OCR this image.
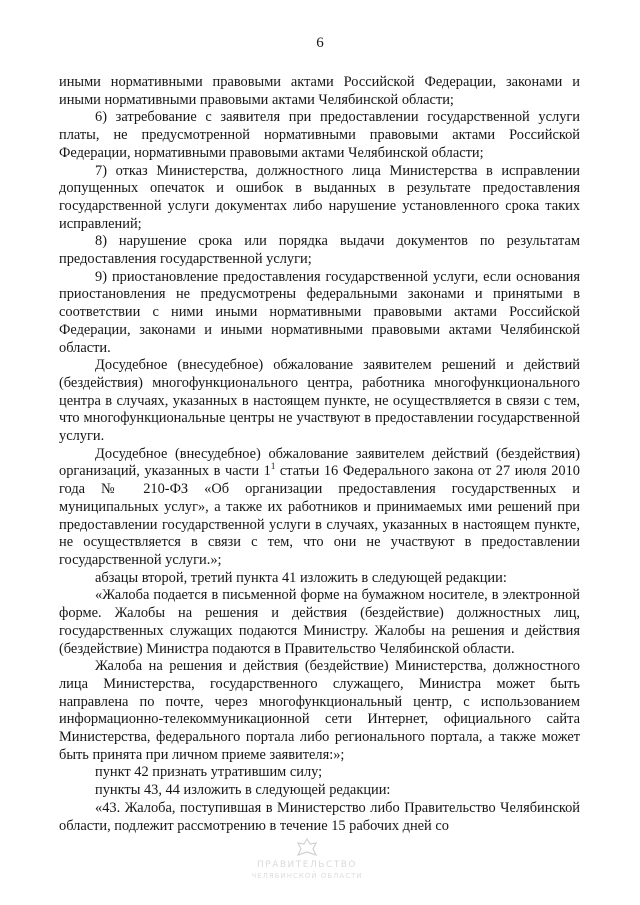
6

иными нормативными правовыми актами Российской Федерации, законами и иными нормативными правовыми актами Челябинской области;

6) затребование с заявителя при предоставлении государственной услуги платы, не предусмотренной нормативными правовыми актами Российской Федерации, нормативными правовыми актами Челябинской области;

7) отказ Министерства, должностного лица Министерства в исправлении допущенных опечаток и ошибок в выданных в результате предоставления государственной услуги документах либо нарушение установленного срока таких исправлений;

8) нарушение срока или порядка выдачи документов по результатам предоставления государственной услуги;

9) приостановление предоставления государственной услуги, если основания приостановления не предусмотрены федеральными законами и принятыми в соответствии с ними иными нормативными правовыми актами Российской Федерации, законами и иными нормативными правовыми актами Челябинской области.

Досудебное (внесудебное) обжалование заявителем решений и действий (бездействия) многофункционального центра, работника многофункционального центра в случаях, указанных в настоящем пункте, не осуществляется в связи с тем, что многофункциональные центры не участвуют в предоставлении государственной услуги.

Досудебное (внесудебное) обжалование заявителем действий (бездействия) организаций, указанных в части $1^1$ статьи 16 Федерального закона от 27 июля 2010 года № 210-ФЗ «Об организации предоставления государственных и муниципальных услуг», а также их работников и принимаемых ими решений при предоставлении государственной услуги в случаях, указанных в настоящем пункте, не осуществляется в связи с тем, что они не участвуют в предоставлении государственной услуги.»;

абзацы второй, третий пункта 41 изложить в следующей редакции:

«Жалоба подается в письменной форме на бумажном носителе, в электронной форме. Жалобы на решения и действия (бездействие) должностных лиц, государственных служащих подаются Министру. Жалобы на решения и действия (бездействие) Министра подаются в Правительство Челябинской области.

Жалоба на решения и действия (бездействие) Министерства, должностного лица Министерства, государственного служащего, Министра может быть направлена по почте, через многофункциональный центр, с использованием информационно-телекоммуникационной сети Интернет, официального сайта Министерства, федерального портала либо регионального портала, а также может быть принята при личном приеме заявителя:»;

пункт 42 признать утратившим силу;

пункты 43, 44 изложить в следующей редакции:

«43. Жалоба, поступившая в Министерство либо Правительство Челябинской области, подлежит рассмотрению в течение 15 рабочих дней со

ПРАВИТЕЛЬСТВО
ЧЕЛЯБИНСКОЙ ОБЛАСТИ
